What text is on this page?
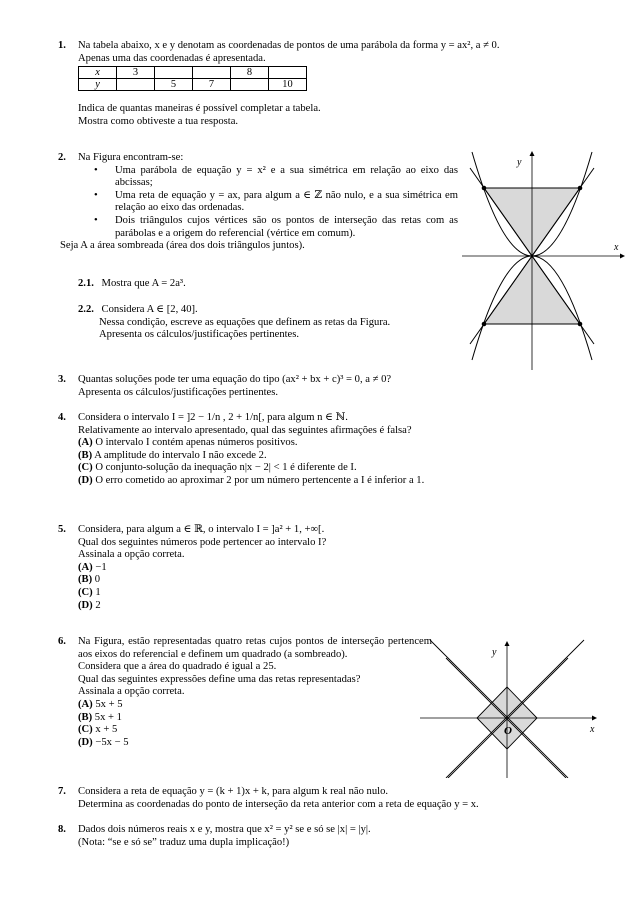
1. Na tabela abaixo, x e y denotam as coordenadas de pontos de uma parábola da forma y = ax², a ≠ 0.
Apenas uma das coordenadas é apresentada.
x	3			8	
y		5	7		10
Indica de quantas maneiras é possível completar a tabela.
Mostra como obtiveste a tua resposta.
2. Na Figura encontram-se:
• Uma parábola de equação y = x² e a sua simétrica em relação ao eixo das abcissas;
• Uma reta de equação y = ax, para algum a ∈ ℤ não nulo, e a sua simétrica em relação ao eixo das ordenadas.
• Dois triângulos cujos vértices são os pontos de interseção das retas com as parábolas e a origem do referencial (vértice em comum).
Seja A a área sombreada (área dos dois triângulos juntos).
2.1. Mostra que A = 2a³.
2.2. Considera A ∈ [2, 40].
Nessa condição, escreve as equações que definem as retas da Figura.
Apresenta os cálculos/justificações pertinentes.
y
x
3. Quantas soluções pode ter uma equação do tipo (ax² + bx + c)³ = 0, a ≠ 0?
Apresenta os cálculos/justificações pertinentes.
4. Considera o intervalo I = ]2 − 1/n , 2 + 1/n[, para algum n ∈ ℕ.
Relativamente ao intervalo apresentado, qual das seguintes afirmações é falsa?
(A) O intervalo I contém apenas números positivos.
(B) A amplitude do intervalo I não excede 2.
(C) O conjunto-solução da inequação n|x − 2| < 1 é diferente de I.
(D) O erro cometido ao aproximar 2 por um número pertencente a I é inferior a 1.
5. Considera, para algum a ∈ ℝ, o intervalo I = ]a² + 1, +∞[.
Qual dos seguintes números pode pertencer ao intervalo I?
Assinala a opção correta.
(A) −1
(B) 0
(C) 1
(D) 2
6. Na Figura, estão representadas quatro retas cujos pontos de interseção pertencem aos eixos do referencial e definem um quadrado (a sombreado).
Considera que a área do quadrado é igual a 25.
Qual das seguintes expressões define uma das retas representadas?
Assinala a opção correta.
(A) 5x + 5
(B) 5x + 1
(C) x + 5
(D) −5x − 5
y
x
O
7. Considera a reta de equação y = (k + 1)x + k, para algum k real não nulo.
Determina as coordenadas do ponto de interseção da reta anterior com a reta de equação y = x.
8. Dados dois números reais x e y, mostra que x² = y² se e só se |x| = |y|.
(Nota: “se e só se” traduz uma dupla implicação!)
